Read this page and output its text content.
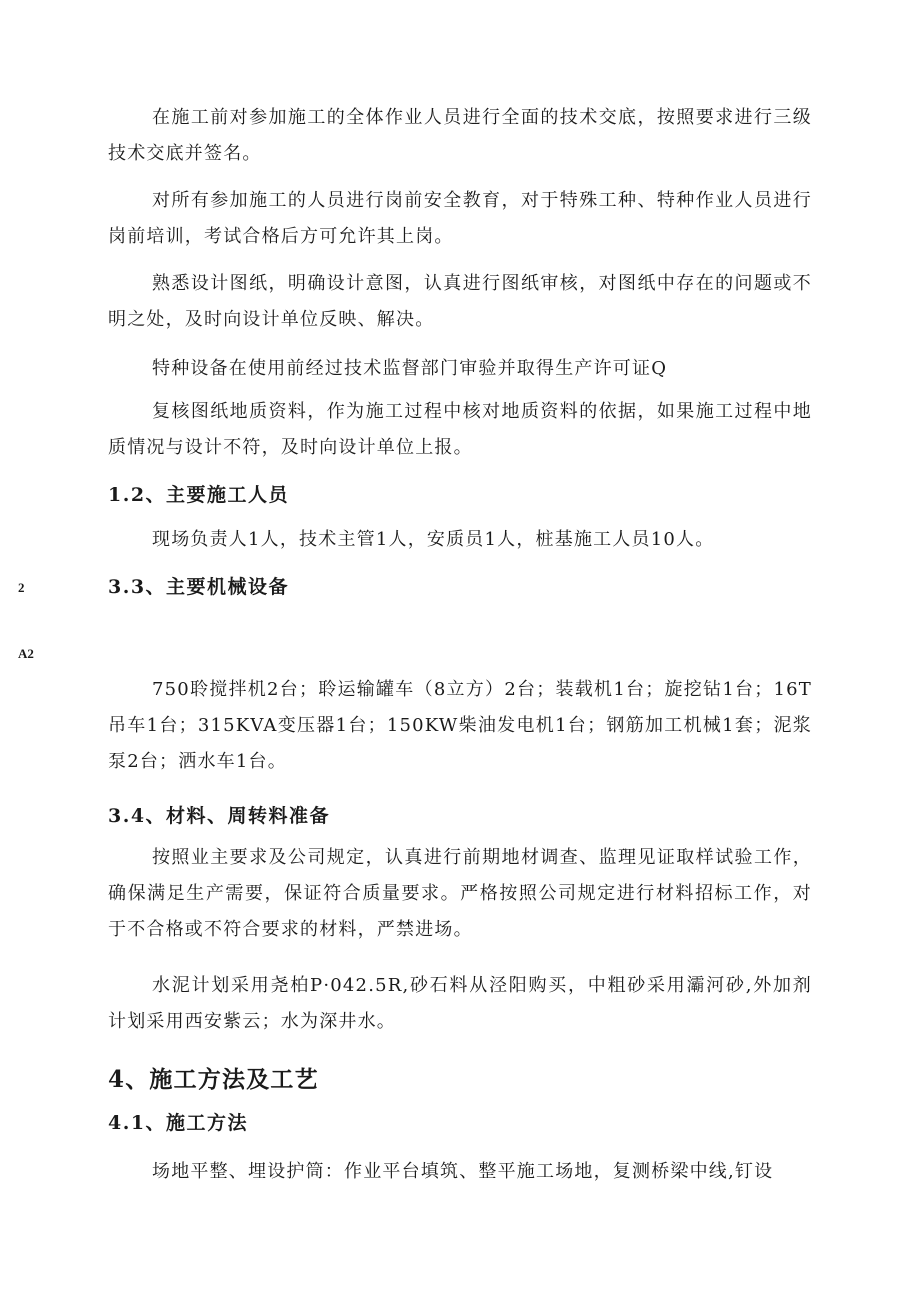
在施工前对参加施工的全体作业人员进行全面的技术交底，按照要求进行三级技术交底并签名。

对所有参加施工的人员进行岗前安全教育，对于特殊工种、特种作业人员进行岗前培训，考试合格后方可允许其上岗。

熟悉设计图纸，明确设计意图，认真进行图纸审核，对图纸中存在的问题或不明之处，及时向设计单位反映、解决。

特种设备在使用前经过技术监督部门审验并取得生产许可证Q

复核图纸地质资料，作为施工过程中核对地质资料的依据，如果施工过程中地质情况与设计不符，及时向设计单位上报。

1.2、主要施工人员

现场负责人1人，技术主管1人，安质员1人，桩基施工人员10人。

2	3.3、主要机械设备

A2

750聆搅拌机2台；聆运输罐车（8立方）2台；装载机1台；旋挖钻1台；16T吊车1台；315KVA变压器1台；150KW柴油发电机1台；钢筋加工机械1套；泥浆泵2台；洒水车1台。

3.4、材料、周转料准备

按照业主要求及公司规定，认真进行前期地材调查、监理见证取样试验工作，确保满足生产需要，保证符合质量要求。严格按照公司规定进行材料招标工作，对于不合格或不符合要求的材料，严禁进场。

水泥计划采用尧柏P·042.5R,砂石料从泾阳购买，中粗砂采用灞河砂,外加剂计划采用西安紫云；水为深井水。

4、施工方法及工艺
4.1、施工方法

场地平整、埋设护筒：作业平台填筑、整平施工场地，复测桥梁中线,钉设
